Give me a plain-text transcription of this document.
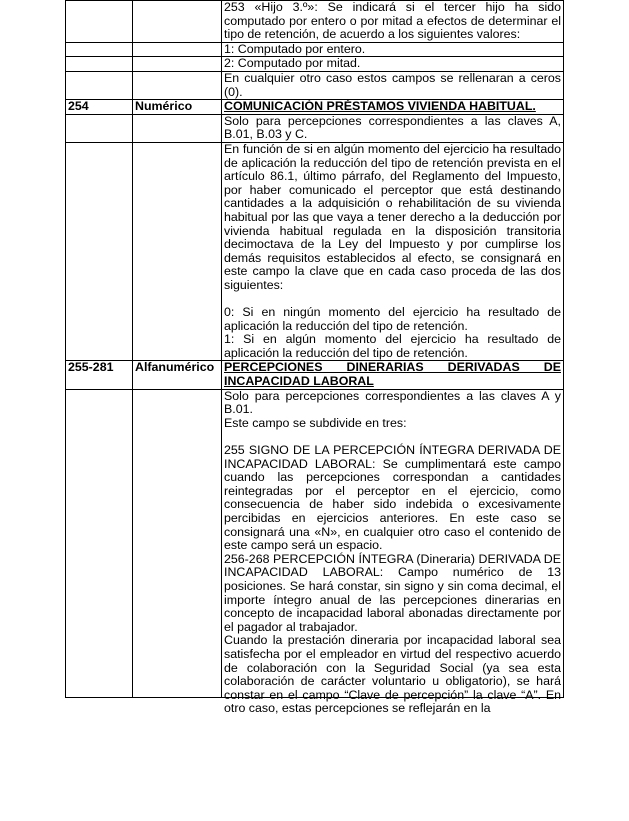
		253 «Hijo 3.º»: Se indicará si el tercer hijo ha sido computado por entero o por mitad a efectos de determinar el tipo de retención, de acuerdo a los siguientes valores:

		1: Computado por entero.

		2: Computado por mitad.

		En cualquier otro caso estos campos se rellenaran a ceros (0).

254	Numérico	COMUNICACIÓN PRÉSTAMOS VIVIENDA HABITUAL.

		Solo para percepciones correspondientes a las claves A, B.01, B.03 y C.

		En función de si en algún momento del ejercicio ha resultado de aplicación la reducción del tipo de retención prevista en el artículo 86.1, último párrafo, del Reglamento del Impuesto, por haber comunicado el perceptor que está destinando cantidades a la adquisición o rehabilitación de su vivienda habitual por las que vaya a tener derecho a la deducción por vivienda habitual regulada en la disposición transitoria decimoctava de la Ley del Impuesto y por cumplirse los demás requisitos establecidos al efecto, se consignará en este campo la clave que en cada caso proceda de las dos siguientes:

0: Si en ningún momento del ejercicio ha resultado de aplicación la reducción del tipo de retención.

1: Si en algún momento del ejercicio ha resultado de aplicación la reducción del tipo de retención.

255-281	Alfanumérico	PERCEPCIONES DINERARIAS DERIVADAS DE INCAPACIDAD LABORAL

		Solo para percepciones correspondientes a las claves A y B.01.

Este campo se subdivide en tres:

255 SIGNO DE LA PERCEPCIÓN ÍNTEGRA DERIVADA DE INCAPACIDAD LABORAL: Se cumplimentará este campo cuando las percepciones correspondan a cantidades reintegradas por el perceptor en el ejercicio, como consecuencia de haber sido indebida o excesivamente percibidas en ejercicios anteriores. En este caso se consignará una «N», en cualquier otro caso el contenido de este campo será un espacio.

256-268 PERCEPCIÓN ÍNTEGRA (Dineraria) DERIVADA DE INCAPACIDAD LABORAL: Campo numérico de 13 posiciones. Se hará constar, sin signo y sin coma decimal, el importe íntegro anual de las percepciones dinerarias en concepto de incapacidad laboral abonadas directamente por el pagador al trabajador.

Cuando la prestación dineraria por incapacidad laboral sea satisfecha por el empleador en virtud del respectivo acuerdo de colaboración con la Seguridad Social (ya sea esta colaboración de carácter voluntario u obligatorio), se hará constar en el campo “Clave de percepción” la clave “A”. En otro caso, estas percepciones se reflejarán en la
